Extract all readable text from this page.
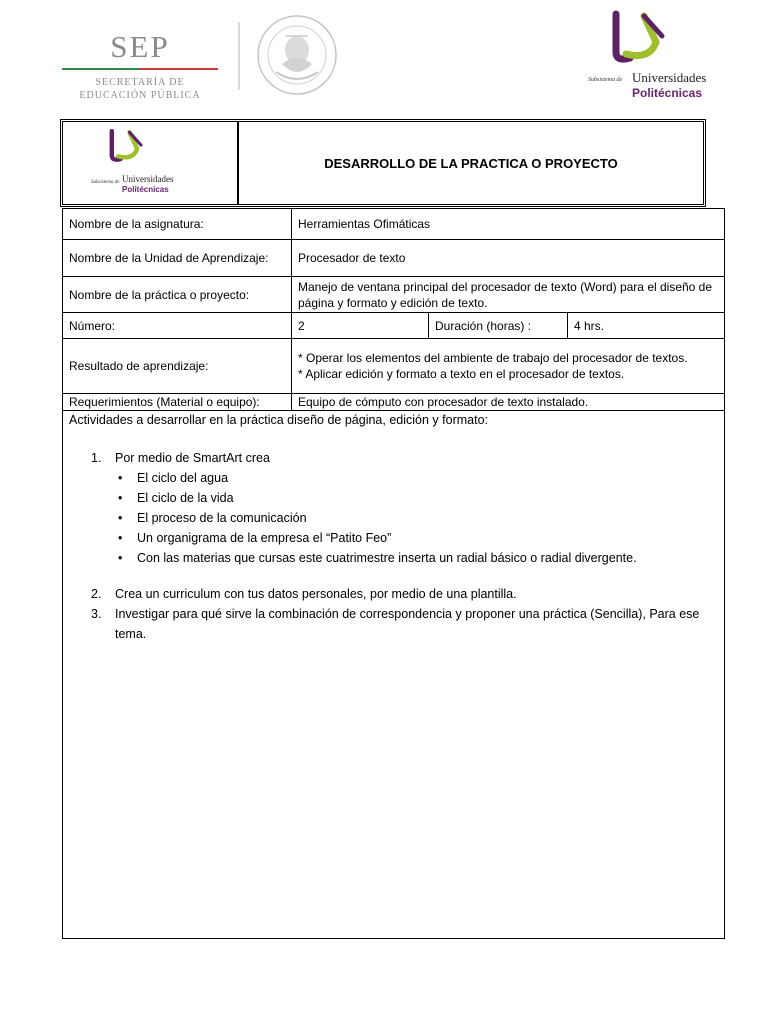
SEP
SECRETARÍA DE
EDUCACIÓN PÚBLICA
Subsistema de Universidades
Politécnicas
Subsistema de Universidades
Politécnicas
DESARROLLO DE LA PRACTICA O PROYECTO
Nombre de la asignatura:	Herramientas Ofimáticas
Nombre de la Unidad de Aprendizaje: Procesador de texto
Nombre de la práctica o proyecto:
Manejo de ventana principal del procesador de texto (Word) para el diseño de página y formato y edición de texto.
Número:	2	Duración (horas) :	4 hrs.
Resultado de aprendizaje:
* Operar los elementos del ambiente de trabajo del procesador de textos.
* Aplicar edición y formato a texto en el procesador de textos.
Requerimientos (Material o equipo):	Equipo de cómputo con procesador de texto instalado.
Actividades a desarrollar en la práctica diseño de página, edición y formato:
1. Por medio de SmartArt crea
• El ciclo del agua
• El ciclo de la vida
• El proceso de la comunicación
• Un organigrama de la empresa el “Patito Feo”
• Con las materias que cursas este cuatrimestre inserta un radial básico o radial divergente.
2. Crea un curriculum con tus datos personales, por medio de una plantilla.
3. Investigar para qué sirve la combinación de correspondencia y proponer una práctica (Sencilla), Para ese tema.
